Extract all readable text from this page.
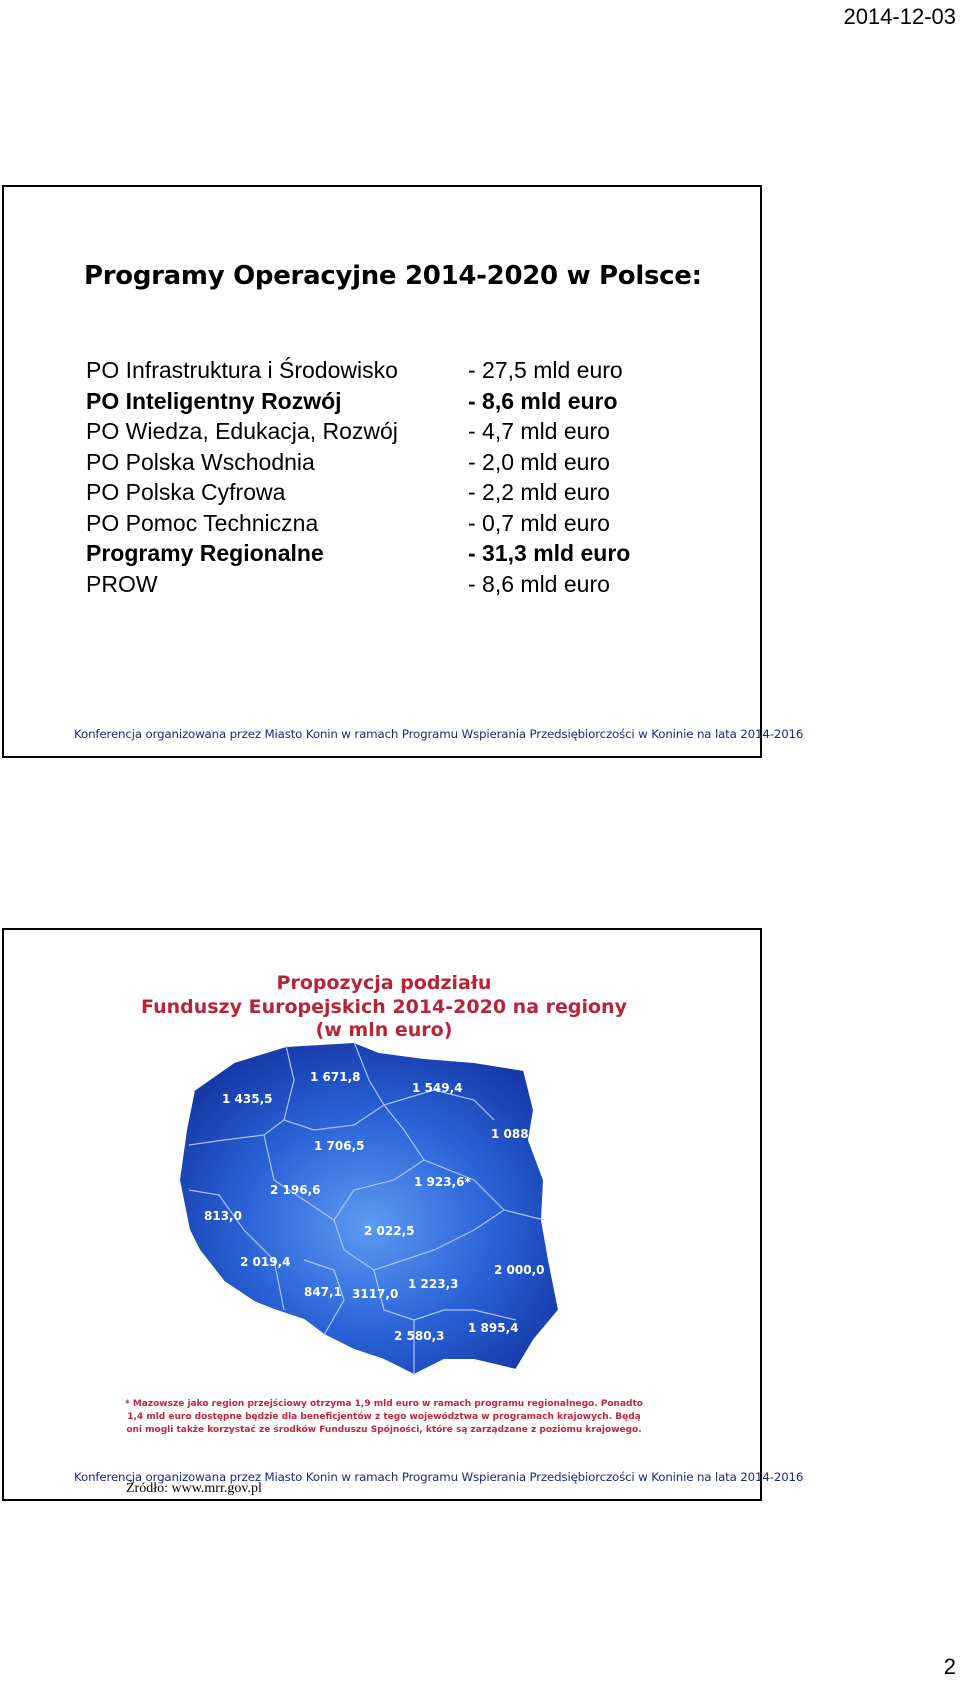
2014-12-03
Programy Operacyjne 2014-2020 w Polsce:
PO Infrastruktura i Środowisko	- 27,5 mld euro
PO Inteligentny Rozwój	- 8,6 mld euro
PO Wiedza, Edukacja, Rozwój	- 4,7 mld euro
PO Polska Wschodnia	- 2,0 mld euro
PO Polska Cyfrowa	- 2,2 mld euro
PO Pomoc Techniczna	- 0,7 mld euro
Programy Regionalne	- 31,3 mld euro
PROW	- 8,6 mld euro
Konferencja organizowana przez Miasto Konin w ramach Programu Wspierania Przedsiębiorczości w Koninie na lata 2014-2016
1 435,5
1 671,8
1 549,4
1 088,0
1 706,5
2 196,6
1 923,6*
813,0
2 022,5
2 019,4
847,1 3117,0
1 223,3
2 000,0
2 580,3
1 895,4
Propozycja podziału
Funduszy Europejskich 2014-2020 na regiony
(w mln euro)

* Mazowsze jako region przejściowy otrzyma 1,9 mld euro w ramach programu regionalnego. Ponadto 1,4 mld euro dostępne będzie dla beneficjentów z tego województwa w programach krajowych. Będą oni mogli także korzystać ze środków Funduszu Spójności, które są zarządzane z poziomu krajowego.

Konferencja organizowana przez Miasto Konin w ramach Programu Wspierania Przedsiębiorczości w Koninie na lata 2014-2016
Źródło: www.mrr.gov.pl
2
